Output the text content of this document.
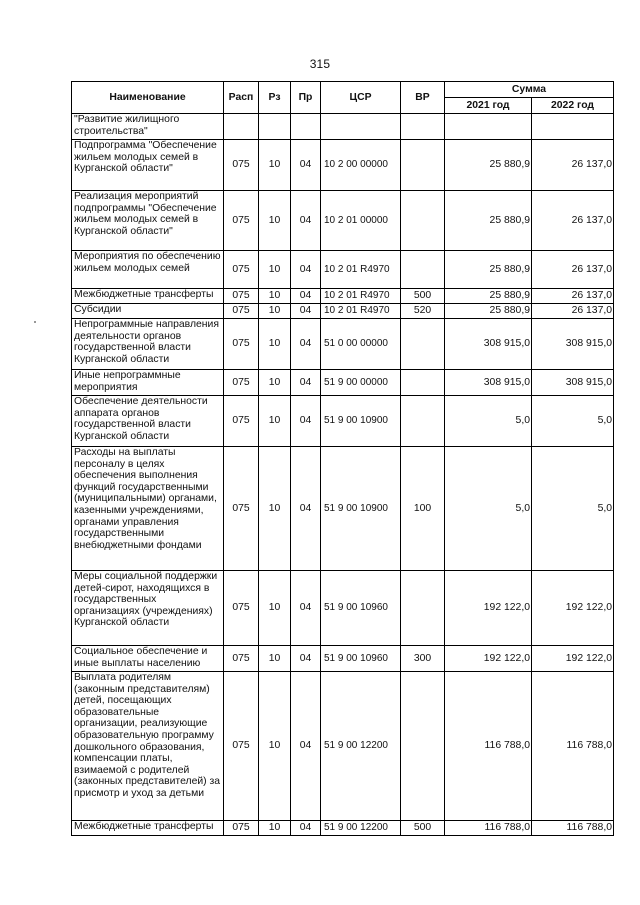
315
Наименование	Расп	Рз	Пр	ЦСР	ВР	Сумма	
						2021 год	2022 год
"Развитие жилищного строительства"							
Подпрограмма "Обеспечение жильем молодых семей в Курганской области"	075	10	04	10 2 00 00000		25 880,9	26 137,0
Реализация мероприятий подпрограммы "Обеспечение жильем молодых семей в Курганской области"	075	10	04	10 2 01 00000		25 880,9	26 137,0
Мероприятия по обеспечению жильем молодых семей	075	10	04	10 2 01 R4970		25 880,9	26 137,0
Межбюджетные трансферты	075	10	04	10 2 01 R4970	500	25 880,9	26 137,0
Субсидии	075	10	04	10 2 01 R4970	520	25 880,9	26 137,0
Непрограммные направления деятельности органов государственной власти Курганской области	075	10	04	51 0 00 00000		308 915,0	308 915,0
Иные непрограммные мероприятия	075	10	04	51 9 00 00000		308 915,0	308 915,0
Обеспечение деятельности аппарата органов государственной власти Курганской области	075	10	04	51 9 00 10900		5,0	5,0
Расходы на выплаты персоналу в целях обеспечения выполнения функций государственными (муниципальными) органами, казенными учреждениями, органами управления государственными внебюджетными фондами	075	10	04	51 9 00 10900	100	5,0	5,0
Меры социальной поддержки детей-сирот, находящихся в государственных организациях (учреждениях) Курганской области	075	10	04	51 9 00 10960		192 122,0	192 122,0
Социальное обеспечение и иные выплаты населению	075	10	04	51 9 00 10960	300	192 122,0	192 122,0
Выплата родителям (законным представителям) детей, посещающих образовательные организации, реализующие образовательную программу дошкольного образования, компенсации платы, взимаемой с родителей (законных представителей) за присмотр и уход за детьми	075	10	04	51 9 00 12200		116 788,0	116 788,0
Межбюджетные трансферты	075	10	04	51 9 00 12200	500	116 788,0	116 788,0
